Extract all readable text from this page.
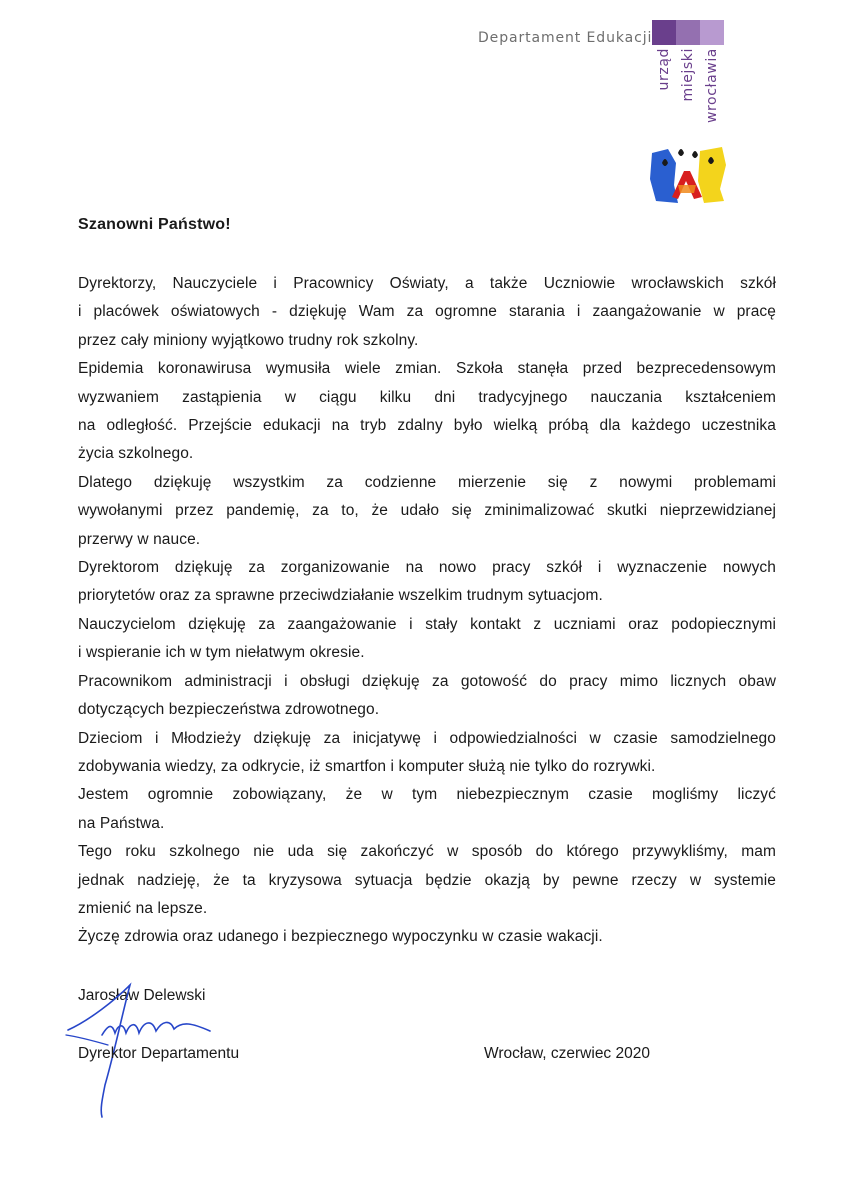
Departament Edukacji
urząd miejski wrocławia
Szanowni Państwo!
Dyrektorzy, Nauczyciele i Pracownicy Oświaty, a także Uczniowie wrocławskich szkół
i placówek oświatowych - dziękuję Wam za ogromne starania i zaangażowanie w pracę
przez cały miniony wyjątkowo trudny rok szkolny.
Epidemia koronawirusa wymusiła wiele zmian. Szkoła stanęła przed bezprecedensowym
wyzwaniem zastąpienia w ciągu kilku dni tradycyjnego nauczania kształceniem
na odległość. Przejście edukacji na tryb zdalny było wielką próbą dla każdego uczestnika
życia szkolnego.
Dlatego dziękuję wszystkim za codzienne mierzenie się z nowymi problemami
wywołanymi przez pandemię, za to, że udało się zminimalizować skutki nieprzewidzianej
przerwy w nauce.
Dyrektorom dziękuję za zorganizowanie na nowo pracy szkół i wyznaczenie nowych
priorytetów oraz za sprawne przeciwdziałanie wszelkim trudnym sytuacjom.
Nauczycielom dziękuję za zaangażowanie i stały kontakt z uczniami oraz podopiecznymi
i wspieranie ich w tym niełatwym okresie.
Pracownikom administracji i obsługi dziękuję za gotowość do pracy mimo licznych obaw
dotyczących bezpieczeństwa zdrowotnego.
Dzieciom i Młodzieży dziękuję za inicjatywę i odpowiedzialności w czasie samodzielnego
zdobywania wiedzy, za odkrycie, iż smartfon i komputer służą nie tylko do rozrywki.
Jestem ogromnie zobowiązany, że w tym niebezpiecznym czasie mogliśmy liczyć
na Państwa.
Tego roku szkolnego nie uda się zakończyć w sposób do którego przywykliśmy, mam
jednak nadzieję, że ta kryzysowa sytuacja będzie okazją by pewne rzeczy w systemie
zmienić na lepsze.
Życzę zdrowia oraz udanego i bezpiecznego wypoczynku w czasie wakacji.
Jarosław Delewski
Dyrektor Departamentu	Wrocław, czerwiec 2020
